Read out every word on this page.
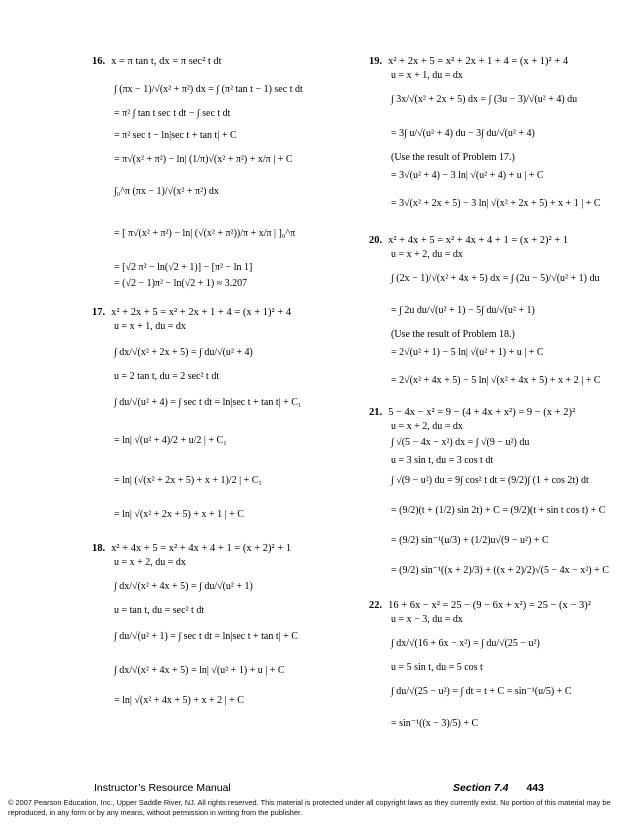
16. x = π tan t, dx = π sec² t dt
∫ (πx − 1)/√(x² + π²) dx = ∫ (π² tan t − 1) sec t dt
= π² ∫ tan t sec t dt − ∫ sec t dt
= π² sec t − ln|sec t + tan t| + C
= π√(x² + π²) − ln| (1/π)√(x² + π²) + x/π | + C
∫₀^π (πx − 1)/√(x² + π²) dx
= [ π√(x² + π²) − ln| (√(x² + π²))/π + x/π | ]₀^π
= [√2 π² − ln(√2 + 1)] − [π² − ln 1]
= (√2 − 1)π² − ln(√2 + 1) ≈ 3.207
17. x² + 2x + 5 = x² + 2x + 1 + 4 = (x + 1)² + 4
u = x + 1, du = dx
∫ dx/√(x² + 2x + 5) = ∫ du/√(u² + 4)
u = 2 tan t, du = 2 sec² t dt
∫ du/√(u² + 4) = ∫ sec t dt = ln|sec t + tan t| + C₁
= ln| √(u² + 4)/2 + u/2 | + C₁
= ln| (√(x² + 2x + 5) + x + 1)/2 | + C₁
= ln| √(x² + 2x + 5) + x + 1 | + C
18. x² + 4x + 5 = x² + 4x + 4 + 1 = (x + 2)² + 1
u = x + 2, du = dx
∫ dx/√(x² + 4x + 5) = ∫ du/√(u² + 1)
u = tan t, du = sec² t dt
∫ du/√(u² + 1) = ∫ sec t dt = ln|sec t + tan t| + C
∫ dx/√(x² + 4x + 5) = ln| √(u² + 1) + u | + C
= ln| √(x² + 4x + 5) + x + 2 | + C
19. x² + 2x + 5 = x² + 2x + 1 + 4 = (x + 1)² + 4
u = x + 1, du = dx
∫ 3x/√(x² + 2x + 5) dx = ∫ (3u − 3)/√(u² + 4) du
= 3∫ u/√(u² + 4) du − 3∫ du/√(u² + 4)
(Use the result of Problem 17.)
= 3√(u² + 4) − 3 ln| √(u² + 4) + u | + C
= 3√(x² + 2x + 5) − 3 ln| √(x² + 2x + 5) + x + 1 | + C
20. x² + 4x + 5 = x² + 4x + 4 + 1 = (x + 2)² + 1
u = x + 2, du = dx
∫ (2x − 1)/√(x² + 4x + 5) dx = ∫ (2u − 5)/√(u² + 1) du
= ∫ 2u du/√(u² + 1) − 5∫ du/√(u² + 1)
(Use the result of Problem 18.)
= 2√(u² + 1) − 5 ln| √(u² + 1) + u | + C
= 2√(x² + 4x + 5) − 5 ln| √(x² + 4x + 5) + x + 2 | + C
21. 5 − 4x − x² = 9 − (4 + 4x + x²) = 9 − (x + 2)²
u = x + 2, du = dx
∫ √(5 − 4x − x²) dx = ∫ √(9 − u²) du
u = 3 sin t, du = 3 cos t dt
∫ √(9 − u²) du = 9∫ cos² t dt = (9/2)∫ (1 + cos 2t) dt
= (9/2)(t + (1/2) sin 2t) + C = (9/2)(t + sin t cos t) + C
= (9/2) sin⁻¹(u/3) + (1/2)u√(9 − u²) + C
= (9/2) sin⁻¹((x + 2)/3) + ((x + 2)/2)√(5 − 4x − x²) + C
22. 16 + 6x − x² = 25 − (9 − 6x + x²) = 25 − (x − 3)²
u = x − 3, du = dx
∫ dx/√(16 + 6x − x²) = ∫ du/√(25 − u²)
u = 5 sin t, du = 5 cos t
∫ du/√(25 − u²) = ∫ dt = t + C = sin⁻¹(u/5) + C
= sin⁻¹((x − 3)/5) + C
Instructor’s Resource Manual	Section 7.4 443
© 2007 Pearson Education, Inc., Upper Saddle River, NJ. All rights reserved. This material is protected under all copyright laws as they currently exist. No portion of this material may be reproduced, in any form or by any means, without permission in writing from the publisher.
